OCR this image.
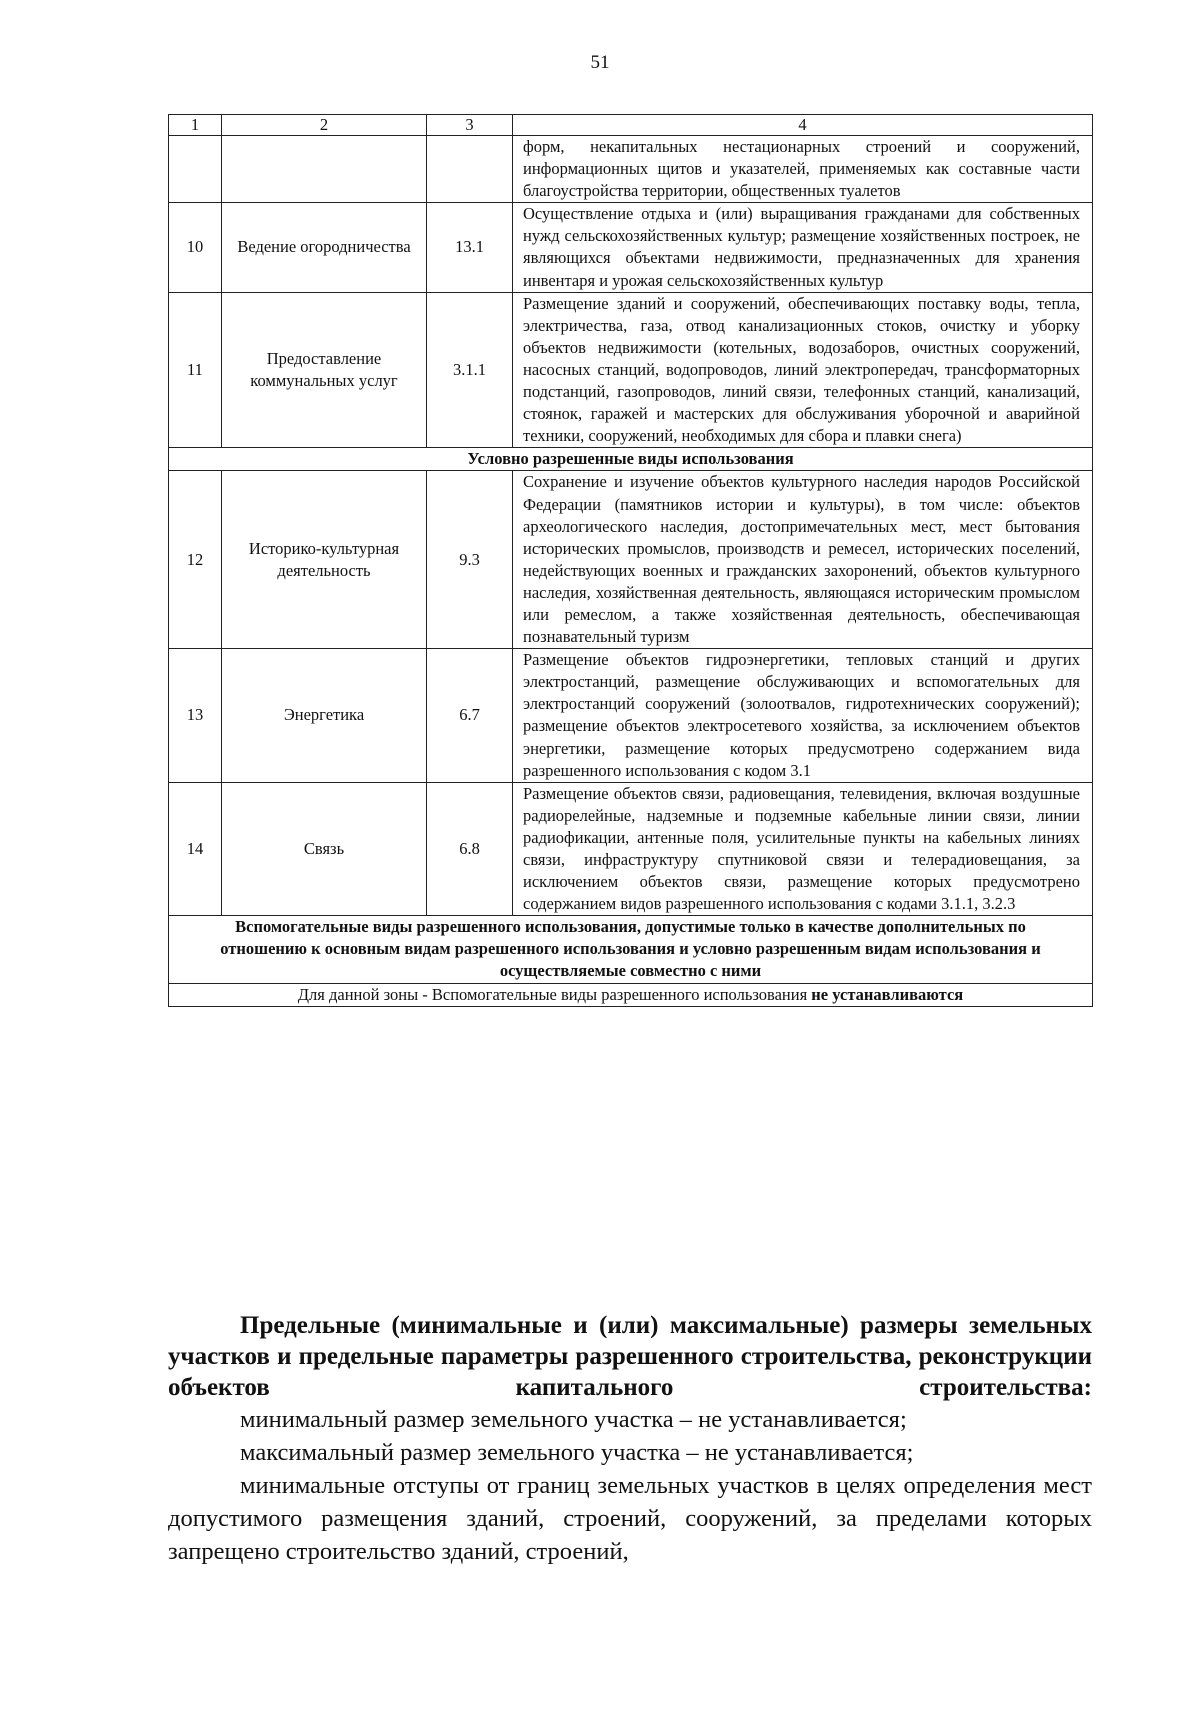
51
1	2	3	4
			форм, некапитальных нестационарных строений и сооружений, информационных щитов и указателей, применяемых как составные части благоустройства территории, общественных туалетов
10	Ведение огородничества	13.1	Осуществление отдыха и (или) выращивания гражданами для собственных нужд сельскохозяйственных культур; размещение хозяйственных построек, не являющихся объектами недвижимости, предназначенных для хранения инвентаря и урожая сельскохозяйственных культур
11	Предоставление коммунальных услуг	3.1.1	Размещение зданий и сооружений, обеспечивающих поставку воды, тепла, электричества, газа, отвод канализационных стоков, очистку и уборку объектов недвижимости (котельных, водозаборов, очистных сооружений, насосных станций, водопроводов, линий электропередач, трансформаторных подстанций, газопроводов, линий связи, телефонных станций, канализаций, стоянок, гаражей и мастерских для обслуживания уборочной и аварийной техники, сооружений, необходимых для сбора и плавки снега)
Условно разрешенные виды использования			
12	Историко-культурная деятельность	9.3	Сохранение и изучение объектов культурного наследия народов Российской Федерации (памятников истории и культуры), в том числе: объектов археологического наследия, достопримечательных мест, мест бытования исторических промыслов, производств и ремесел, исторических поселений, недействующих военных и гражданских захоронений, объектов культурного наследия, хозяйственная деятельность, являющаяся историческим промыслом или ремеслом, а также хозяйственная деятельность, обеспечивающая познавательный туризм
13	Энергетика	6.7	Размещение объектов гидроэнергетики, тепловых станций и других электростанций, размещение обслуживающих и вспомогательных для электростанций сооружений (золоотвалов, гидротехнических сооружений); размещение объектов электросетевого хозяйства, за исключением объектов энергетики, размещение которых предусмотрено содержанием вида разрешенного использования с кодом 3.1
14	Связь	6.8	Размещение объектов связи, радиовещания, телевидения, включая воздушные радиорелейные, надземные и подземные кабельные линии связи, линии радиофикации, антенные поля, усилительные пункты на кабельных линиях связи, инфраструктуру спутниковой связи и телерадиовещания, за исключением объектов связи, размещение которых предусмотрено содержанием видов разрешенного использования с кодами 3.1.1, 3.2.3
Вспомогательные виды разрешенного использования, допустимые только в качестве дополнительных по отношению к основным видам разрешенного использования и условно разрешенным видам использования и осуществляемые совместно с ними			
Для данной зоны - Вспомогательные виды разрешенного использования не устанавливаются			

Предельные (минимальные и (или) максимальные) размеры земельных участков и предельные параметры разрешенного строительства, реконструкции объектов капитального строительства:

минимальный размер земельного участка – не устанавливается;

максимальный размер земельного участка – не устанавливается;

минимальные отступы от границ земельных участков в целях определения мест допустимого размещения зданий, строений, сооружений, за пределами которых запрещено строительство зданий, строений,
